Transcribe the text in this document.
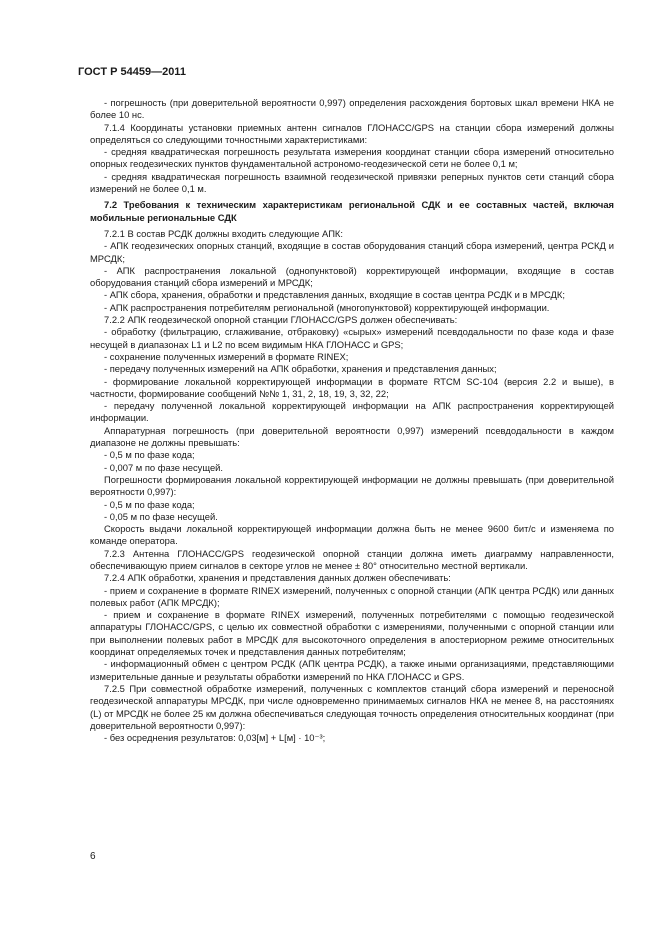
ГОСТ Р 54459—2011

- погрешность (при доверительной вероятности 0,997) определения расхождения бортовых шкал времени НКА не более 10 нс.

7.1.4 Координаты установки приемных антенн сигналов ГЛОНАСС/GPS на станции сбора измерений должны определяться со следующими точностными характеристиками:

- средняя квадратическая погрешность результата измерения координат станции сбора измерений относительно опорных геодезических пунктов фундаментальной астрономо-геодезической сети не более 0,1 м;

- средняя квадратическая погрешность взаимной геодезической привязки реперных пунктов сети станций сбора измерений не более 0,1 м.

7.2 Требования к техническим характеристикам региональной СДК и ее составных частей, включая мобильные региональные СДК

7.2.1 В состав РСДК должны входить следующие АПК:

- АПК геодезических опорных станций, входящие в состав оборудования станций сбора измерений, центра РСКД и МРСДК;

- АПК распространения локальной (однопунктовой) корректирующей информации, входящие в состав оборудования станций сбора измерений и МРСДК;

- АПК сбора, хранения, обработки и представления данных, входящие в состав центра РСДК и в МРСДК;

- АПК распространения потребителям региональной (многопунктовой) корректирующей информации.

7.2.2 АПК геодезической опорной станции ГЛОНАСС/GPS должен обеспечивать:

- обработку (фильтрацию, сглаживание, отбраковку) «сырых» измерений псевдодальности по фазе кода и фазе несущей в диапазонах L1 и L2 по всем видимым НКА ГЛОНАСС и GPS;

- сохранение полученных измерений в формате RINEX;

- передачу полученных измерений на АПК обработки, хранения и представления данных;

- формирование локальной корректирующей информации в формате RTCM SC-104 (версия 2.2 и выше), в частности, формирование сообщений №№ 1, 31, 2, 18, 19, 3, 32, 22;

- передачу полученной локальной корректирующей информации на АПК распространения корректирующей информации.

Аппаратурная погрешность (при доверительной вероятности 0,997) измерений псевдодальности в каждом диапазоне не должны превышать:

- 0,5 м по фазе кода;

- 0,007 м по фазе несущей.

Погрешности формирования локальной корректирующей информации не должны превышать (при доверительной вероятности 0,997):

- 0,5 м по фазе кода;

- 0,05 м по фазе несущей.

Скорость выдачи локальной корректирующей информации должна быть не менее 9600 бит/с и изменяема по команде оператора.

7.2.3 Антенна ГЛОНАСС/GPS геодезической опорной станции должна иметь диаграмму направленности, обеспечивающую прием сигналов в секторе углов не менее ± 80° относительно местной вертикали.

7.2.4 АПК обработки, хранения и представления данных должен обеспечивать:

- прием и сохранение в формате RINEX измерений, полученных с опорной станции (АПК центра РСДК) или данных полевых работ (АПК МРСДК);

- прием и сохранение в формате RINEX измерений, полученных потребителями с помощью геодезической аппаратуры ГЛОНАСС/GPS, с целью их совместной обработки с измерениями, полученными с опорной станции или при выполнении полевых работ в МРСДК для высокоточного определения в апостериорном режиме относительных координат определяемых точек и представления данных потребителям;

- информационный обмен с центром РСДК (АПК центра РСДК), а также иными организациями, представляющими измерительные данные и результаты обработки измерений по НКА ГЛОНАСС и GPS.

7.2.5 При совместной обработке измерений, полученных с комплектов станций сбора измерений и переносной геодезической аппаратуры МРСДК, при числе одновременно принимаемых сигналов НКА не менее 8, на расстояниях (L) от МРСДК не более 25 км должна обеспечиваться следующая точность определения относительных координат (при доверительной вероятности 0,997):

- без осреднения результатов: 0,03[м] + L[м] · 10⁻³;

6
